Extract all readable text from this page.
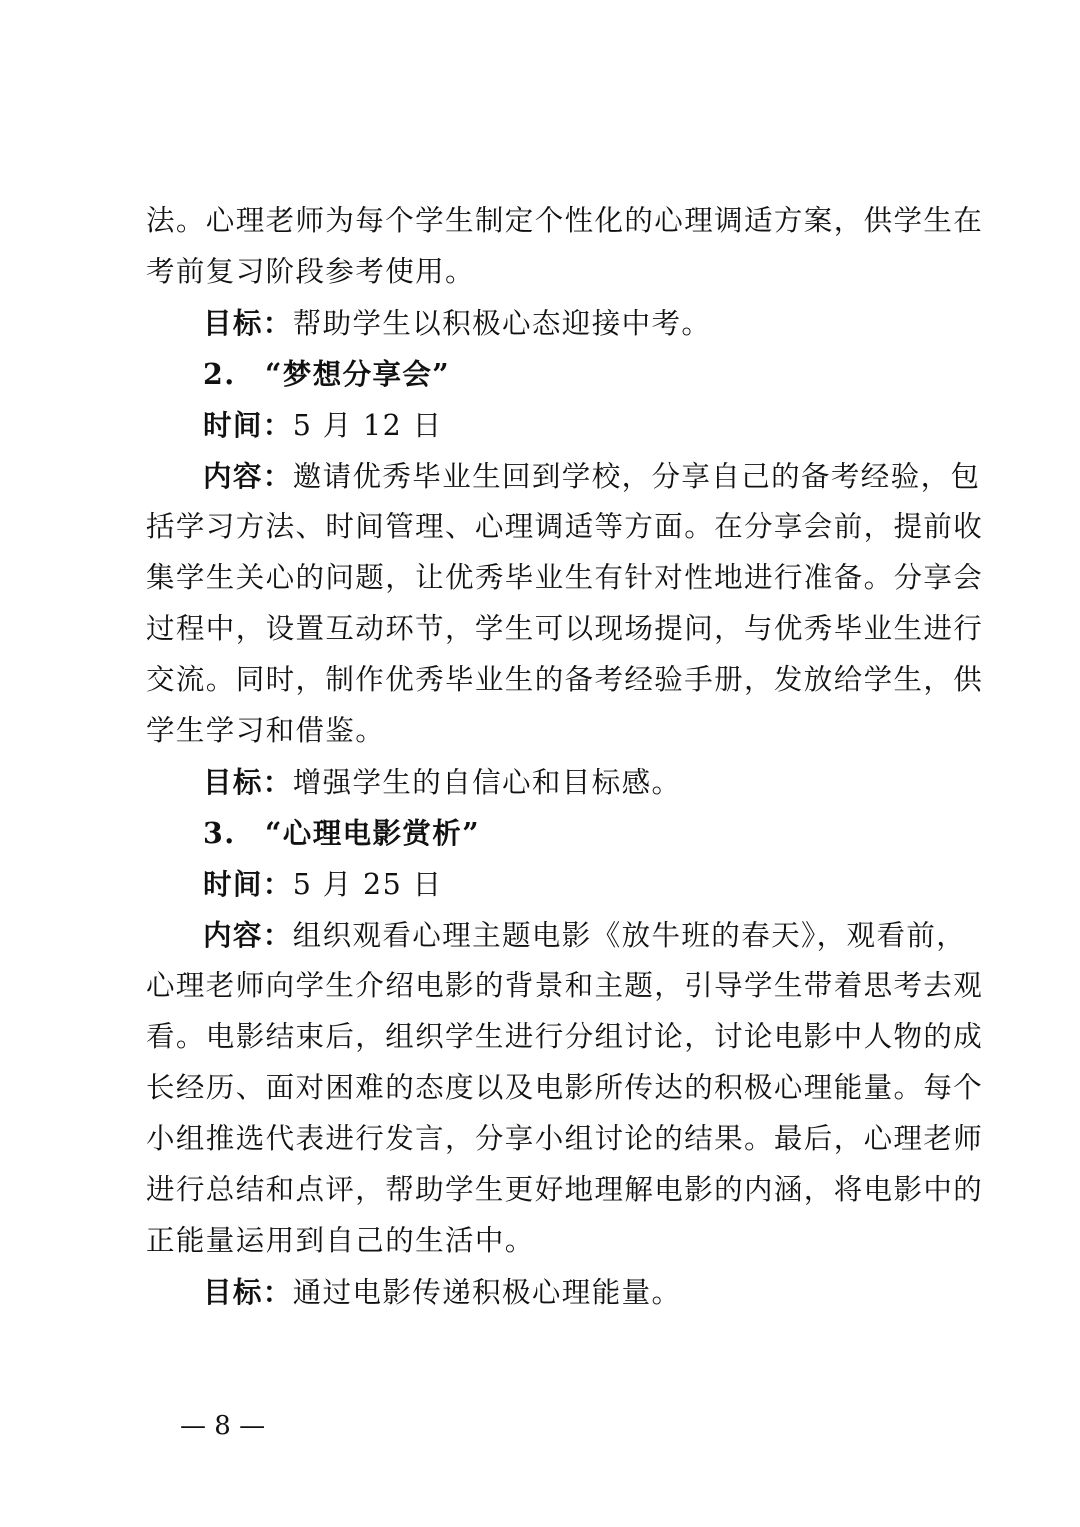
法。心理老师为每个学生制定个性化的心理调适方案，供学生在
考前复习阶段参考使用。
目标：帮助学生以积极心态迎接中考。
2. “梦想分享会”
时间：5 月 12 日
内容：邀请优秀毕业生回到学校，分享自己的备考经验，包
括学习方法、时间管理、心理调适等方面。在分享会前，提前收
集学生关心的问题，让优秀毕业生有针对性地进行准备。分享会
过程中，设置互动环节，学生可以现场提问，与优秀毕业生进行
交流。同时，制作优秀毕业生的备考经验手册，发放给学生，供
学生学习和借鉴。
目标：增强学生的自信心和目标感。
3. “心理电影赏析”
时间：5 月 25 日
内容：组织观看心理主题电影《放牛班的春天》，观看前，
心理老师向学生介绍电影的背景和主题，引导学生带着思考去观
看。电影结束后，组织学生进行分组讨论，讨论电影中人物的成
长经历、面对困难的态度以及电影所传达的积极心理能量。每个
小组推选代表进行发言，分享小组讨论的结果。最后，心理老师
进行总结和点评，帮助学生更好地理解电影的内涵，将电影中的
正能量运用到自己的生活中。
目标：通过电影传递积极心理能量。
— 8 —
